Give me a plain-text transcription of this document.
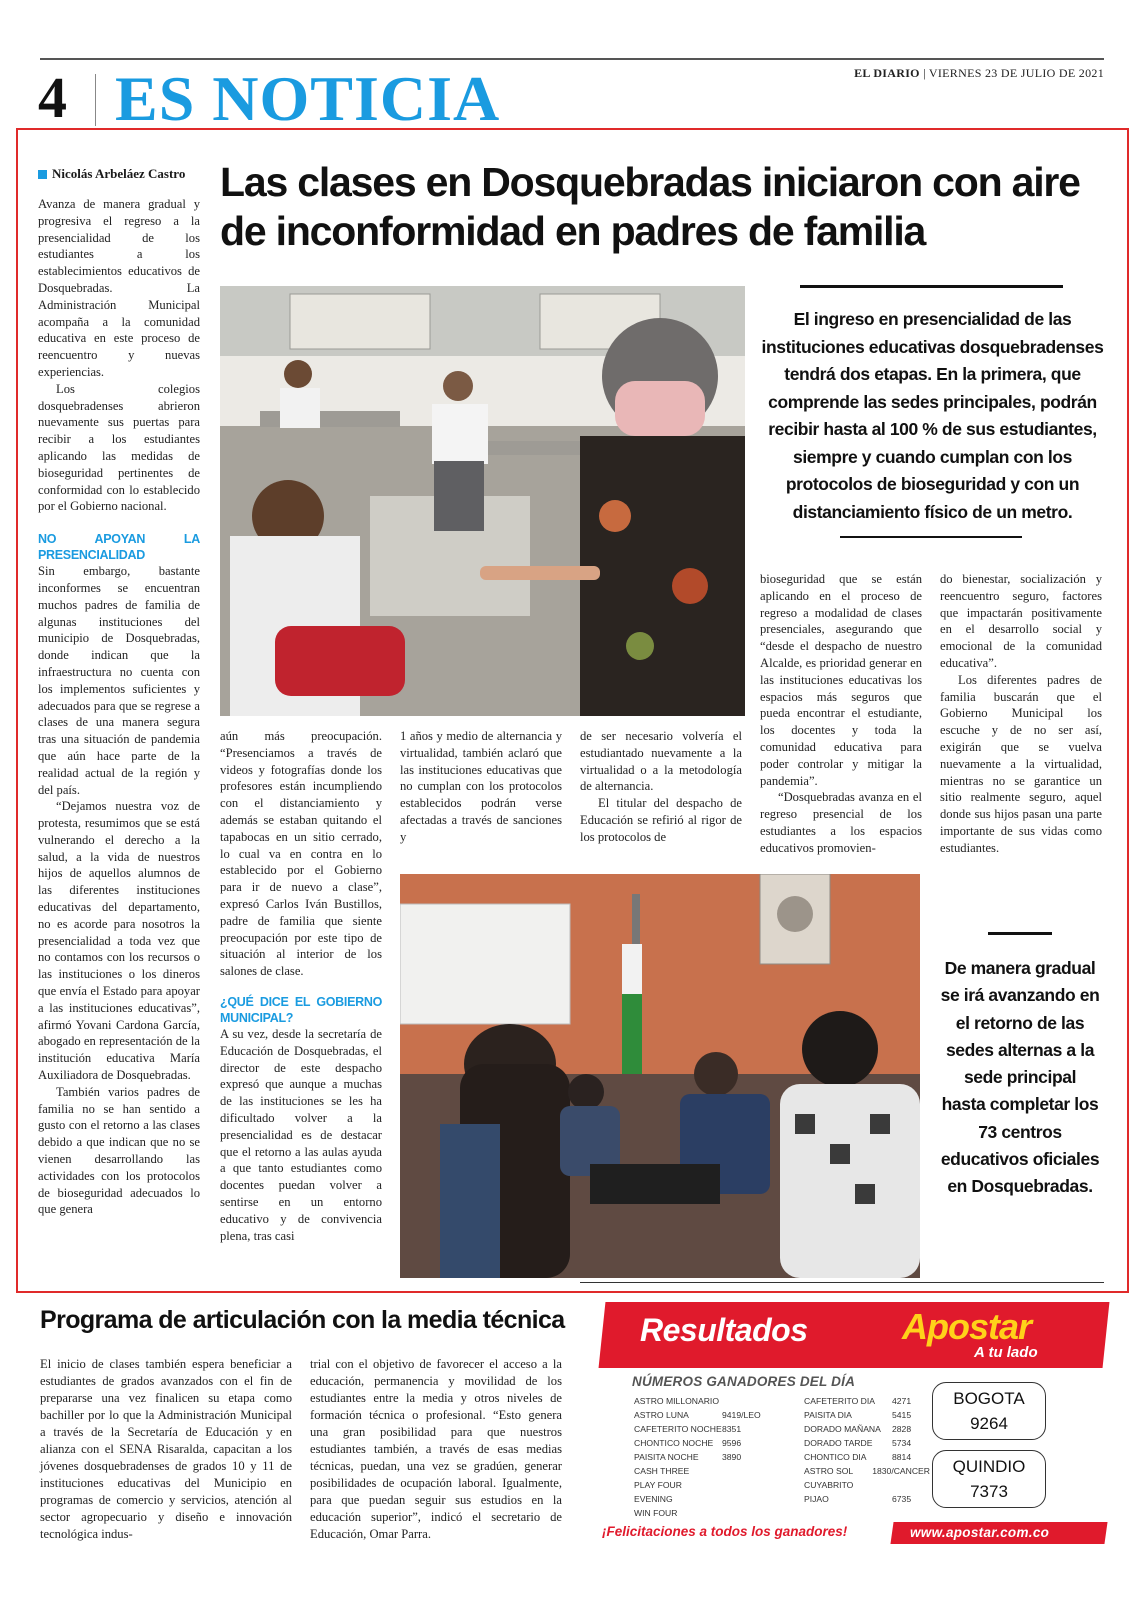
4 ES NOTICIA	EL DIARIO | VIERNES 23 DE JULIO DE 2021
Nicolás Arbeláez Castro Las clases en Dosquebradas iniciaron con aire de inconformidad en padres de familia

Avanza de manera gradual y progresiva el regreso a la presencialidad de los estudiantes a los establecimientos educativos de Dosquebradas. La Administración Municipal acompaña a la comunidad educativa en este proceso de reencuentro y nuevas experiencias.

Los colegios dosquebradenses abrieron nuevamente sus puertas para recibir a los estudiantes aplicando las medidas de bioseguridad pertinentes de conformidad con lo establecido por el Gobierno nacional.

NO APOYAN LA PRESENCIALIDAD

Sin embargo, bastante inconformes se encuentran muchos padres de familia de algunas instituciones del municipio de Dosquebradas, donde indican que la infraestructura no cuenta con los implementos suficientes y adecuados para que se regrese a clases de una manera segura tras una situación de pandemia que aún hace parte de la realidad actual de la región y del país.

“Dejamos nuestra voz de protesta, resumimos que se está vulnerando el derecho a la salud, a la vida de nuestros hijos de aquellos alumnos de las diferentes instituciones educativas del departamento, no es acorde para nosotros la presencialidad a toda vez que no contamos con los recursos o las instituciones o los dineros que envía el Estado para apoyar a las instituciones educativas”, afirmó Yovani Cardona García, abogado en representación de la institución educativa María Auxiliadora de Dosquebradas.

También varios padres de familia no se han sentido a gusto con el retorno a las clases debido a que indican que no se vienen desarrollando las actividades con los protocolos de bioseguridad adecuados lo que genera

El ingreso en presencialidad de las instituciones educativas dosquebradenses tendrá dos etapas. En la primera, que comprende las sedes principales, podrán recibir hasta al 100 % de sus estudiantes, siempre y cuando cumplan con los protocolos de bioseguridad y con un distanciamiento físico de un metro.

aún más preocupación. “Presenciamos a través de videos y fotografías donde los profesores están incumpliendo con el distanciamiento y además se estaban quitando el tapabocas en un sitio cerrado, lo cual va en contra en lo establecido por el Gobierno para ir de nuevo a clase”, expresó Carlos Iván Bustillos, padre de familia que siente preocupación por este tipo de situación al interior de los salones de clase.

¿QUÉ DICE EL GOBIERNO MUNICIPAL?

A su vez, desde la secretaría de Educación de Dosquebradas, el director de este despacho expresó que aunque a muchas de las instituciones se les ha dificultado volver a la presencialidad es de destacar que el retorno a las aulas ayuda a que tanto estudiantes como docentes puedan volver a sentirse en un entorno educativo y de convivencia plena, tras casi

1 años y medio de alternancia y virtualidad, también aclaró que las instituciones educativas que no cumplan con los protocolos establecidos podrán verse afectadas a través de sanciones y

de ser necesario volvería el estudiantado nuevamente a la virtualidad o a la metodología de alternancia.

El titular del despacho de Educación se refirió al rigor de los protocolos de

bioseguridad que se están aplicando en el proceso de regreso a modalidad de clases presenciales, asegurando que “desde el despacho de nuestro Alcalde, es prioridad generar en las instituciones educativas los espacios más seguros que pueda encontrar el estudiante, los docentes y toda la comunidad educativa para poder controlar y mitigar la pandemia”.

“Dosquebradas avanza en el regreso presencial de los estudiantes a los espacios educativos promovien-

do bienestar, socialización y reencuentro seguro, factores que impactarán positivamente en el desarrollo social y emocional de la comunidad educativa”.

Los diferentes padres de familia buscarán que el Gobierno Municipal los escuche y de no ser así, exigirán que se vuelva nuevamente a la virtualidad, mientras no se garantice un sitio realmente seguro, aquel donde sus hijos pasan una parte importante de sus vidas como estudiantes.

De manera gradual se irá avanzando en el retorno de las sedes alternas a la sede principal hasta completar los 73 centros educativos oficiales en Dosquebradas.
Programa de articulación con la media técnica
El inicio de clases también espera beneficiar a estudiantes de grados avanzados con el fin de prepararse una vez finalicen su etapa como bachiller por lo que la Administración Municipal a través de la Secretaría de Educación y en alianza con el SENA Risaralda, capacitan a los jóvenes dosquebradenses de grados 10 y 11 de instituciones educativas del Municipio en programas de comercio y servicios, atención al sector agropecuario y diseño e innovación tecnológica indus-
trial con el objetivo de favorecer el acceso a la educación, permanencia y movilidad de los estudiantes entre la media y otros niveles de formación técnica o profesional. “Esto genera una gran posibilidad para que nuestros estudiantes también, a través de esas medias técnicas, puedan, una vez se gradúen, generar posibilidades de ocupación laboral. Igualmente, para que puedan seguir sus estudios en la educación superior”, indicó el secretario de Educación, Omar Parra.
Resultados	Apostar
A tu lado
NÚMEROS GANADORES DEL DÍA
ASTRO MILLONARIO
ASTRO LUNA	9419/LEO
CAFETERITO NOCHE 8351
CHONTICO NOCHE	9596
PAISITA NOCHE	3890
CASH THREE
PLAY FOUR
EVENING
WIN FOUR
CAFETERITO DIA	4271
PAISITA DIA	5415
DORADO MAÑANA	2828
DORADO TARDE	5734
CHONTICO DIA	8814
ASTRO SOL	1830/CANCER
CUYABRITO
PIJAO	6735
BOGOTA
9264
QUINDIO
7373
¡Felicitaciones a todos los ganadores!	www.apostar.com.co
